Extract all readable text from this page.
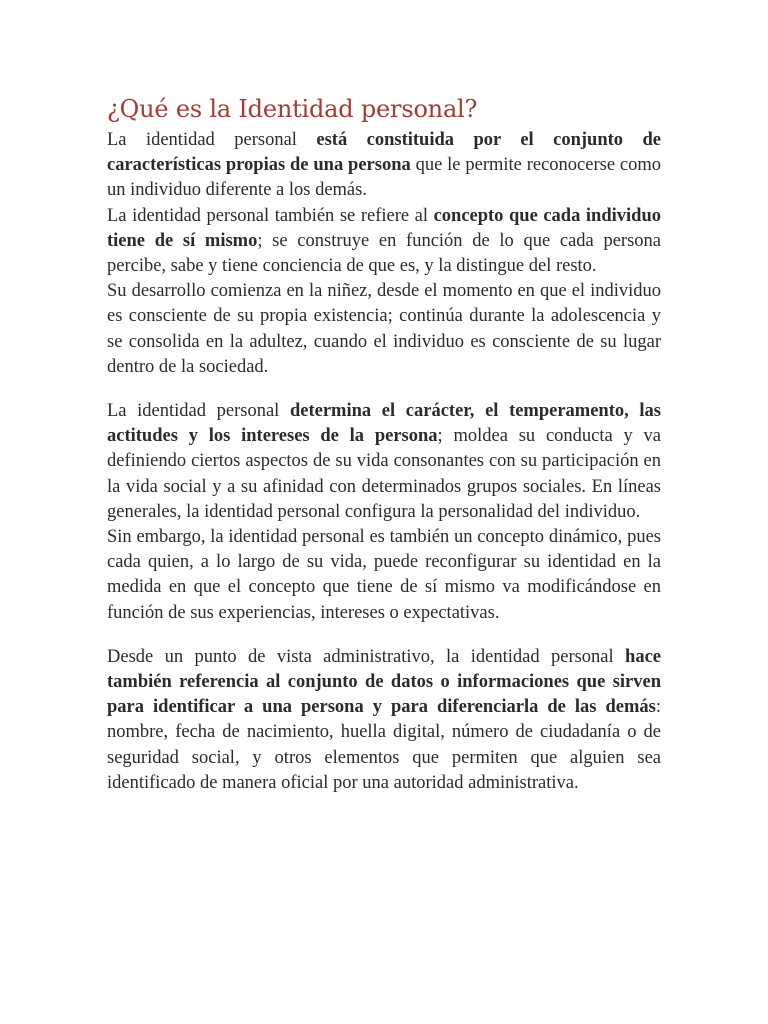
¿Qué es la Identidad personal?

La identidad personal está constituida por el conjunto de características propias de una persona que le permite reconocerse como un individuo diferente a los demás.

La identidad personal también se refiere al concepto que cada individuo tiene de sí mismo; se construye en función de lo que cada persona percibe, sabe y tiene conciencia de que es, y la distingue del resto.

Su desarrollo comienza en la niñez, desde el momento en que el individuo es consciente de su propia existencia; continúa durante la adolescencia y se consolida en la adultez, cuando el individuo es consciente de su lugar dentro de la sociedad.

La identidad personal determina el carácter, el temperamento, las actitudes y los intereses de la persona; moldea su conducta y va definiendo ciertos aspectos de su vida consonantes con su participación en la vida social y a su afinidad con determinados grupos sociales. En líneas generales, la identidad personal configura la personalidad del individuo.

Sin embargo, la identidad personal es también un concepto dinámico, pues cada quien, a lo largo de su vida, puede reconfigurar su identidad en la medida en que el concepto que tiene de sí mismo va modificándose en función de sus experiencias, intereses o expectativas.

Desde un punto de vista administrativo, la identidad personal hace también referencia al conjunto de datos o informaciones que sirven para identificar a una persona y para diferenciarla de las demás: nombre, fecha de nacimiento, huella digital, número de ciudadanía o de seguridad social, y otros elementos que permiten que alguien sea identificado de manera oficial por una autoridad administrativa.
